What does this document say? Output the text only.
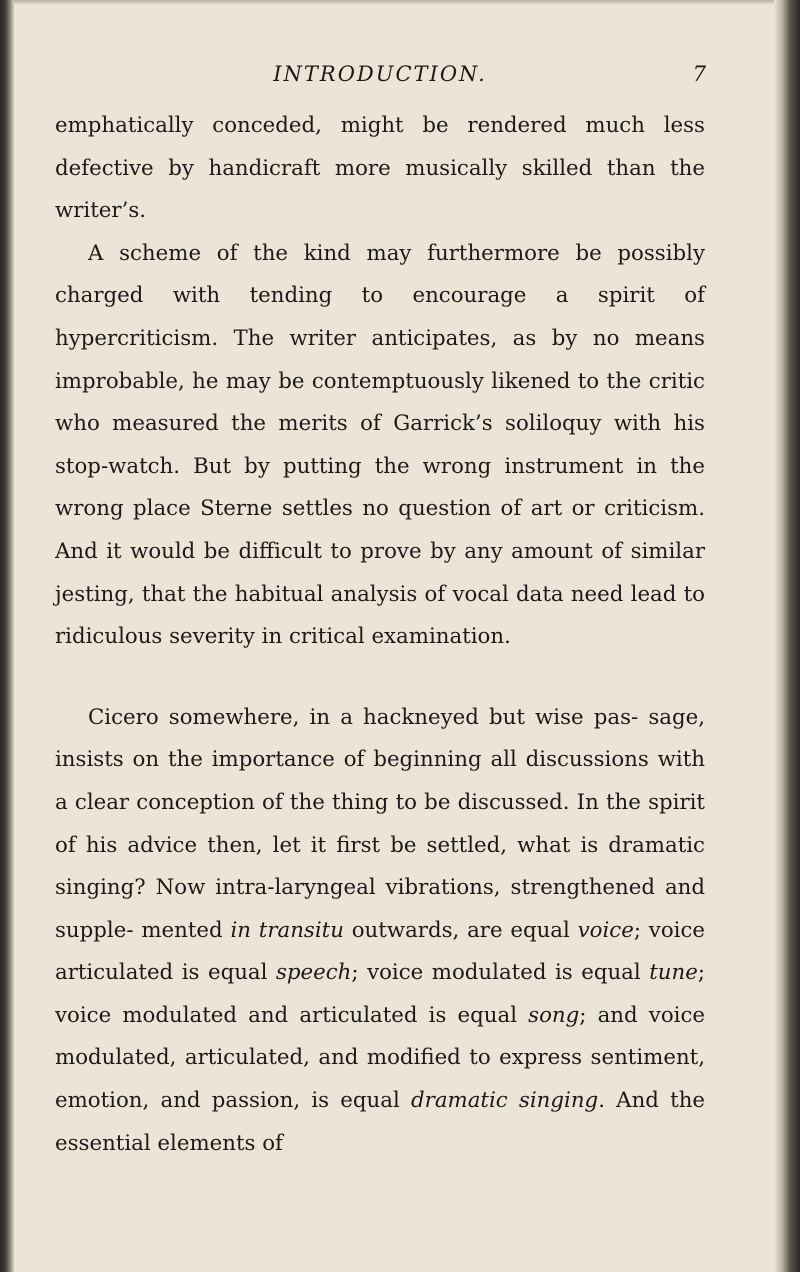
INTRODUCTION.	7

emphatically conceded, might be rendered much less defective by handicraft more musically skilled than the writer’s.

A scheme of the kind may furthermore be possibly charged with tending to encourage a spirit of hypercriticism. The writer anticipates, as by no means improbable, he may be contemptuously likened to the critic who measured the merits of Garrick’s soliloquy with his stop-watch. But by putting the wrong instrument in the wrong place Sterne settles no question of art or criticism. And it would be difficult to prove by any amount of similar jesting, that the habitual analysis of vocal data need lead to ridiculous severity in critical examination.

Cicero somewhere, in a hackneyed but wise pas- sage, insists on the importance of beginning all discussions with a clear conception of the thing to be discussed. In the spirit of his advice then, let it first be settled, what is dramatic singing? Now intra-laryngeal vibrations, strengthened and supple- mented in transitu outwards, are equal voice; voice articulated is equal speech; voice modulated is equal tune; voice modulated and articulated is equal song; and voice modulated, articulated, and modified to express sentiment, emotion, and passion, is equal dramatic singing. And the essential elements of
